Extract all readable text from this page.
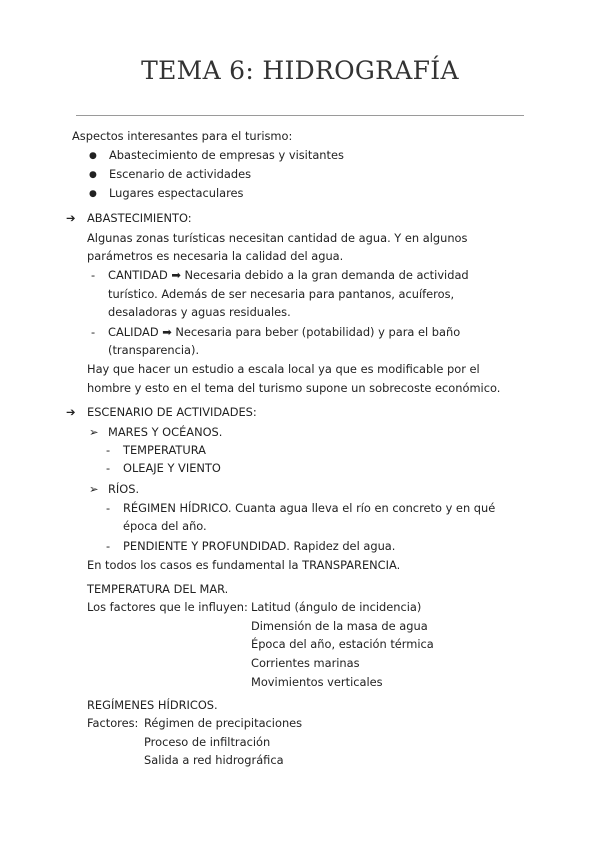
TEMA 6: HIDROGRAFÍA
Aspectos interesantes para el turismo:
● Abastecimiento de empresas y visitantes
● Escenario de actividades
● Lugares espectaculares
➔ ABASTECIMIENTO:
Algunas zonas turísticas necesitan cantidad de agua. Y en algunos
parámetros es necesaria la calidad del agua.
- CANTIDAD ➡ Necesaria debido a la gran demanda de actividad
turístico. Además de ser necesaria para pantanos, acuíferos,
desaladoras y aguas residuales.
- CALIDAD ➡ Necesaria para beber (potabilidad) y para el baño
(transparencia).
Hay que hacer un estudio a escala local ya que es modificable por el
hombre y esto en el tema del turismo supone un sobrecoste económico.
➔ ESCENARIO DE ACTIVIDADES:
➢ MARES Y OCÉANOS.
- TEMPERATURA
- OLEAJE Y VIENTO
➢ RÍOS.
- RÉGIMEN HÍDRICO. Cuanta agua lleva el río en concreto y en qué
época del año.
- PENDIENTE Y PROFUNDIDAD. Rapidez del agua.
En todos los casos es fundamental la TRANSPARENCIA.
TEMPERATURA DEL MAR.
Los factores que le influyen: Latitud (ángulo de incidencia)
Dimensión de la masa de agua
Época del año, estación térmica
Corrientes marinas
Movimientos verticales
REGÍMENES HÍDRICOS.
Factores: Régimen de precipitaciones
Proceso de infiltración
Salida a red hidrográfica
